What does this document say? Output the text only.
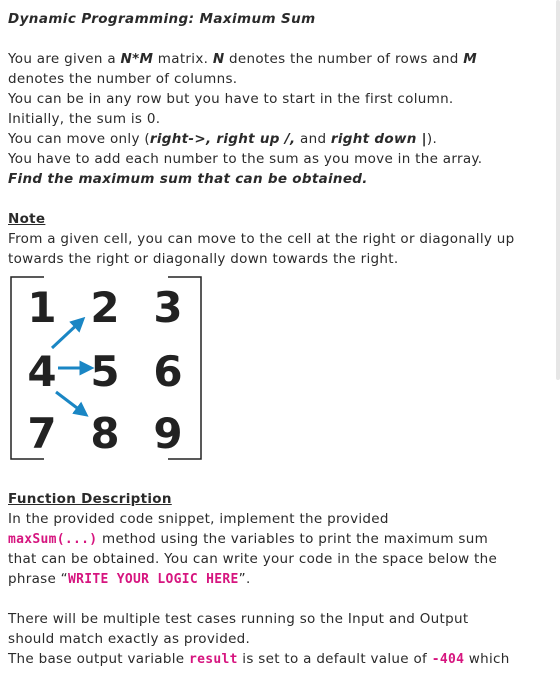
Dynamic Programming: Maximum Sum
You are given a N*M matrix. N denotes the number of rows and M
denotes the number of columns.
You can be in any row but you have to start in the first column.
Initially, the sum is 0.
You can move only (right->, right up /, and right down |).
You have to add each number to the sum as you move in the array.
Find the maximum sum that can be obtained.
Note
From a given cell, you can move to the cell at the right or diagonally up
towards the right or diagonally down towards the right.
1 2 3
4 5 6
7 8 9
Function Description
In the provided code snippet, implement the provided
maxSum(...) method using the variables to print the maximum sum
that can be obtained. You can write your code in the space below the
phrase “WRITE YOUR LOGIC HERE”.
There will be multiple test cases running so the Input and Output
should match exactly as provided.
The base output variable result is set to a default value of -404 which
